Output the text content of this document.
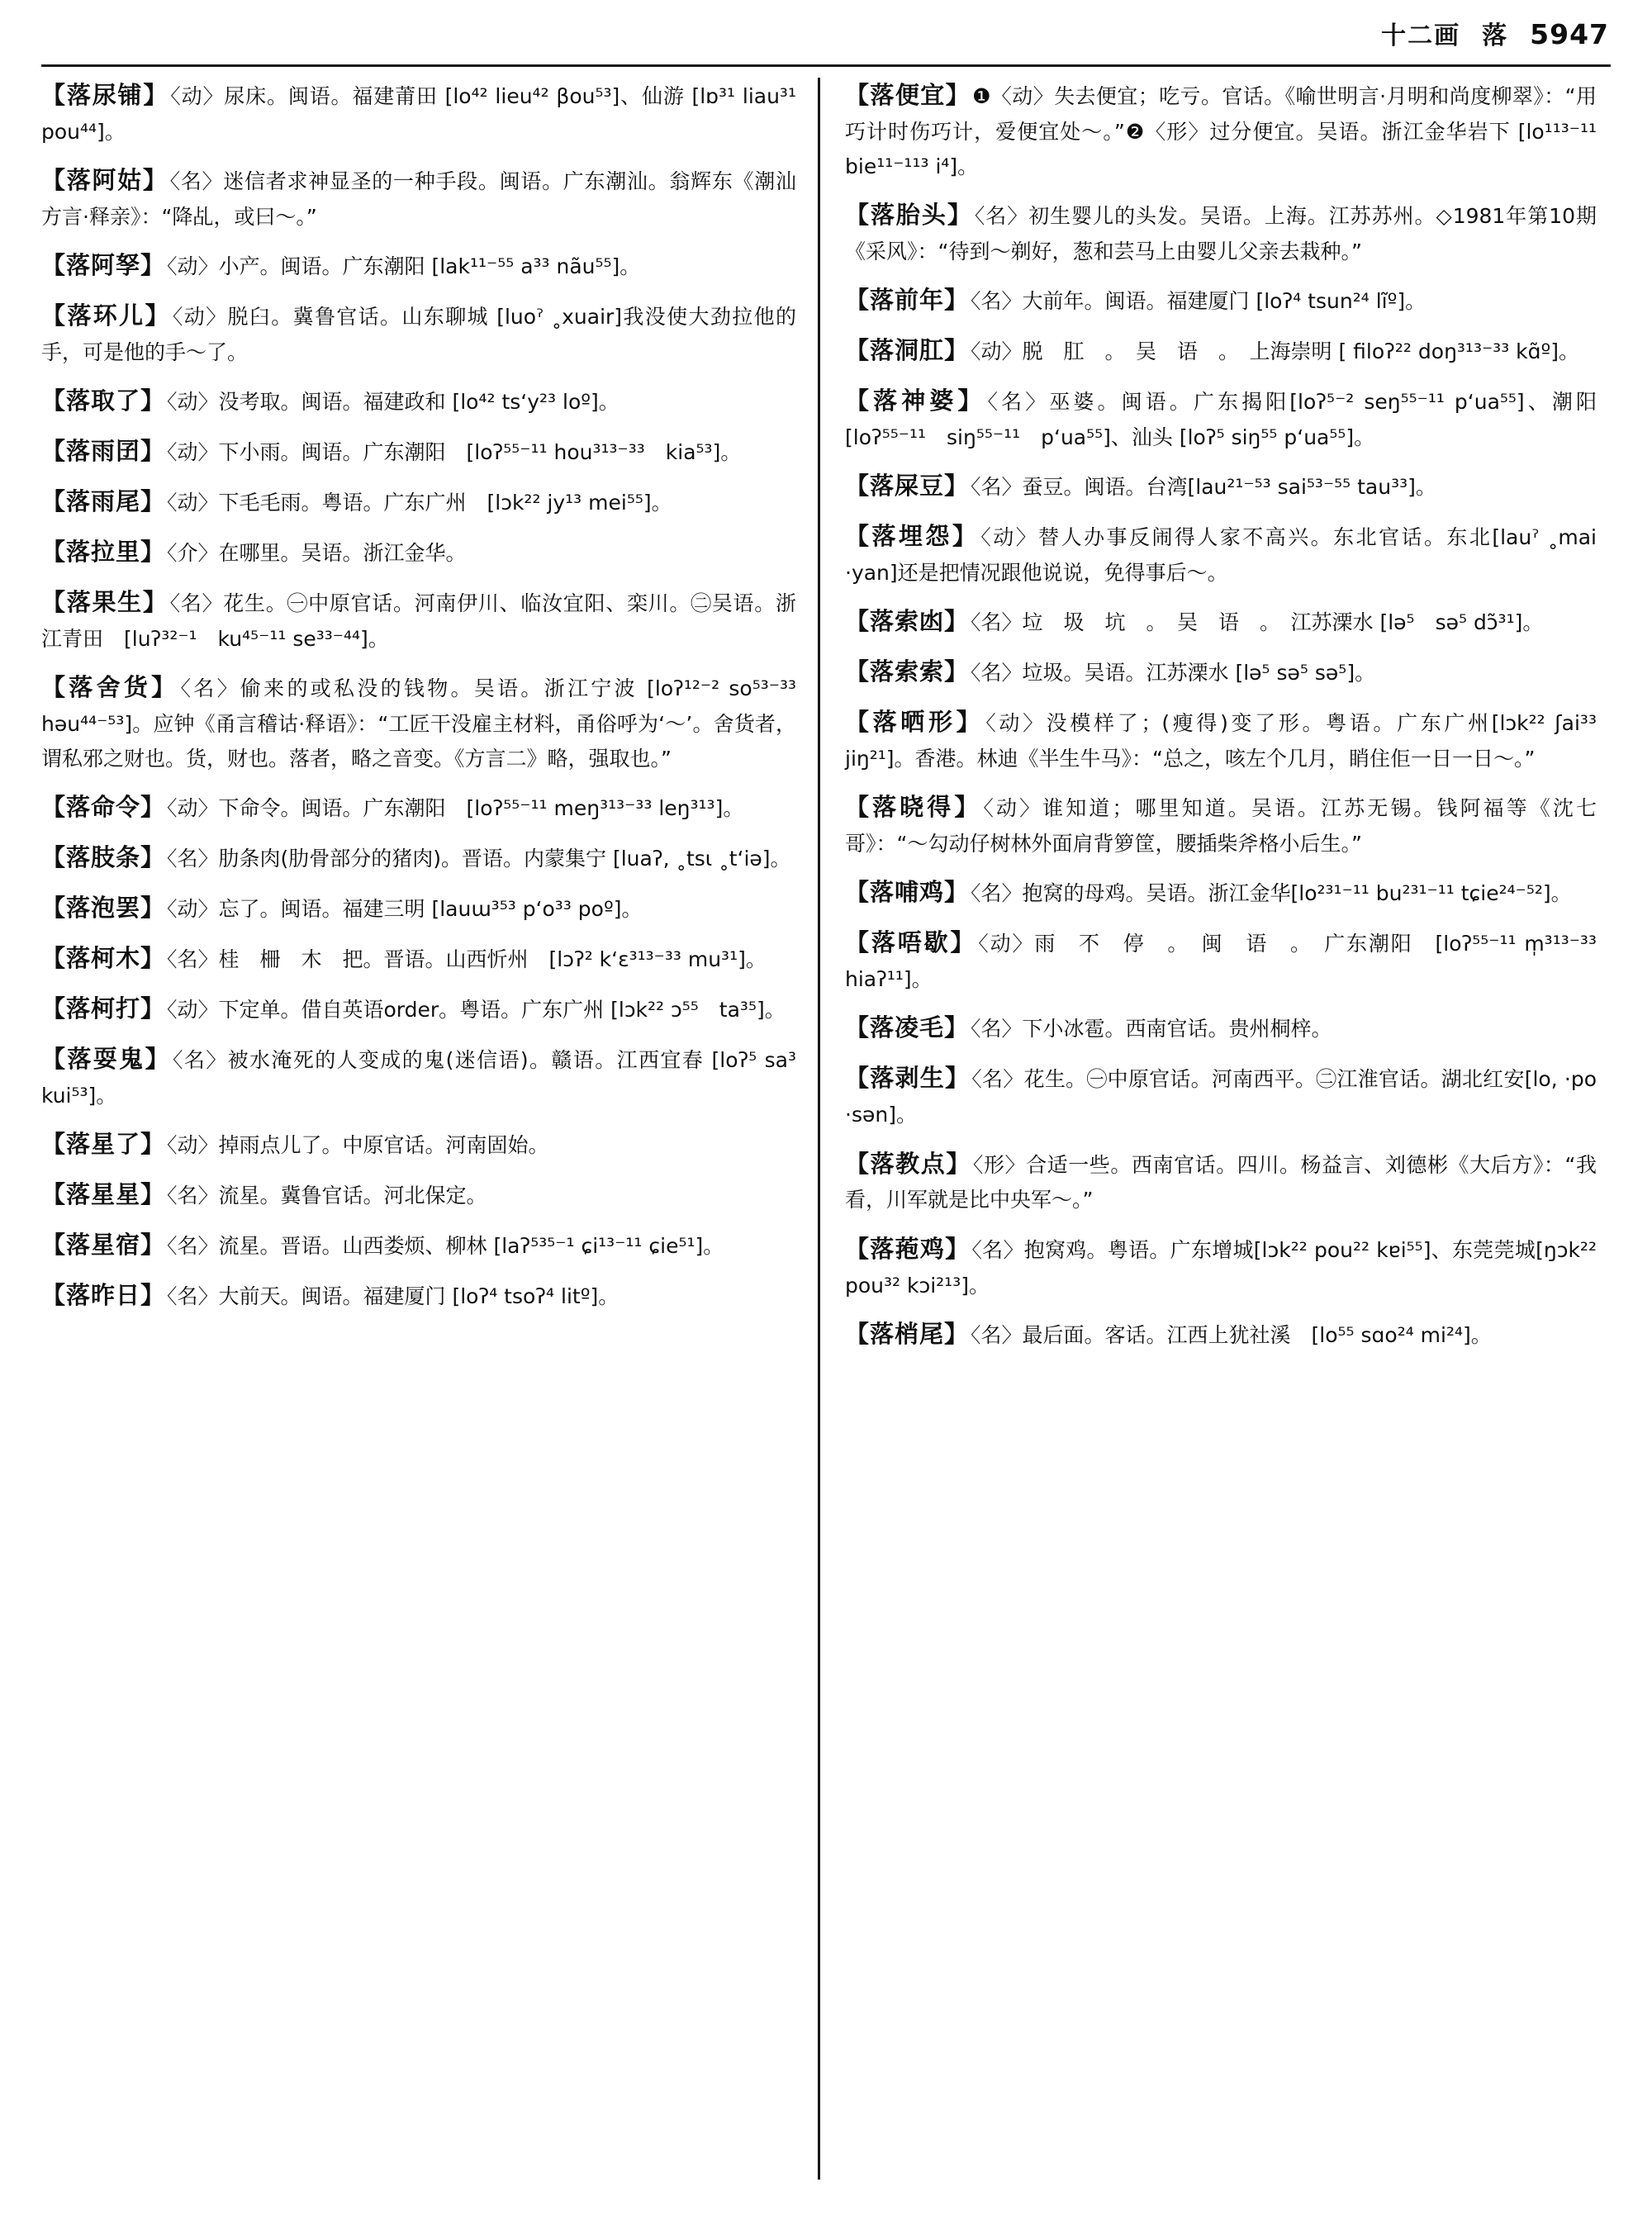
十二画 落 5947
【落尿铺】〈动〉尿床。闽语。福建莆田 [lo⁴² lieu⁴² βou⁵³]、仙游 [lɒ³¹ liau³¹ pou⁴⁴]。
【落阿姑】〈名〉迷信者求神显圣的一种手段。闽语。广东潮汕。翁辉东《潮汕方言·释亲》：“降乩，或曰～。”
【落阿孥】〈动〉小产。闽语。广东潮阳 [lak¹¹⁻⁵⁵ a³³ nãu⁵⁵]。
【落环儿】〈动〉脱臼。冀鲁官话。山东聊城 [luoˀ ˳xuair]我没使大劲拉他的手，可是他的手～了。
【落取了】〈动〉没考取。闽语。福建政和 [lo⁴² tsʻy²³ loº]。
【落雨囝】〈动〉下小雨。闽语。广东潮阳　[loʔ⁵⁵⁻¹¹ hou³¹³⁻³³　kia⁵³]。
【落雨尾】〈动〉下毛毛雨。粤语。广东广州　[lɔk²² jy¹³ mei⁵⁵]。
【落拉里】〈介〉在哪里。吴语。浙江金华。
【落果生】〈名〉花生。㊀中原官话。河南伊川、临汝宜阳、栾川。㊁吴语。浙江青田　[luʔ³²⁻¹　ku⁴⁵⁻¹¹ se³³⁻⁴⁴]。
【落舍货】〈名〉偷来的或私没的钱物。吴语。浙江宁波 [loʔ¹²⁻² so⁵³⁻³³ həu⁴⁴⁻⁵³]。应钟《甬言稽诂·释语》：“工匠干没雇主材料，甬俗呼为‘～’。舍货者，谓私邪之财也。货，财也。落者，略之音变。《方言二》略，强取也。”
【落命令】〈动〉下命令。闽语。广东潮阳　[loʔ⁵⁵⁻¹¹ meŋ³¹³⁻³³ leŋ³¹³]。
【落肢条】〈名〉肋条肉(肋骨部分的猪肉)。晋语。内蒙集宁 [luaʔ, ˳tsι ˳tʻiə]。
【落泡罢】〈动〉忘了。闽语。福建三明 [lauɯ³⁵³ pʻo³³ poº]。
【落柯木】〈名〉桂　柵　木　把。晋语。山西忻州　[lɔʔ² kʻɛ³¹³⁻³³ mu³¹]。
【落柯打】〈动〉下定单。借自英语order。粤语。广东广州 [lɔk²² ɔ⁵⁵　ta³⁵]。
【落耍鬼】〈名〉被水淹死的人变成的鬼(迷信语)。赣语。江西宜春 [loʔ⁵ sa³　kui⁵³]。
【落星了】〈动〉掉雨点儿了。中原官话。河南固始。
【落星星】〈名〉流星。冀鲁官话。河北保定。
【落星宿】〈名〉流星。晋语。山西娄烦、柳林 [laʔ⁵³⁵⁻¹ ɕi¹³⁻¹¹ ɕie⁵¹]。
【落昨日】〈名〉大前天。闽语。福建厦门 [loʔ⁴ tsoʔ⁴ litº]。
【落便宜】❶〈动〉失去便宜；吃亏。官话。《喻世明言·月明和尚度柳翠》：“用巧计时伤巧计，爱便宜处～。”❷〈形〉过分便宜。吴语。浙江金华岩下 [lo¹¹³⁻¹¹ bie¹¹⁻¹¹³ i⁴]。
【落胎头】〈名〉初生婴儿的头发。吴语。上海。江苏苏州。◇1981年第10期《采风》：“待到～剃好，葱和芸马上由婴儿父亲去栽种。”
【落前年】〈名〉大前年。闽语。福建厦门 [loʔ⁴ tsun²⁴ lĩº]。
【落洞肛】〈动〉脱　肛　。　吴　语　。　上海崇明 [ filoʔ²² doŋ³¹³⁻³³ kɑ̃º]。
【落神婆】〈名〉巫婆。闽语。广东揭阳[loʔ⁵⁻² seŋ⁵⁵⁻¹¹ pʻua⁵⁵]、潮阳　[loʔ⁵⁵⁻¹¹　siŋ⁵⁵⁻¹¹　pʻua⁵⁵]、汕头 [loʔ⁵ siŋ⁵⁵ pʻua⁵⁵]。
【落屎豆】〈名〉蚕豆。闽语。台湾[lau²¹⁻⁵³ sai⁵³⁻⁵⁵ tau³³]。
【落埋怨】〈动〉替人办事反闹得人家不高兴。东北官话。东北[lauˀ ˳mai ·yan]还是把情况跟他说说，免得事后～。
【落索凼】〈名〉垃　圾　坑　。　吴　语　。　江苏溧水 [lə⁵　sə⁵ dɔ̃³¹]。
【落索索】〈名〉垃圾。吴语。江苏溧水 [lə⁵ sə⁵ sə⁵]。
【落晒形】〈动〉没模样了；(瘦得)变了形。粤语。广东广州[lɔk²² ʃai³³　jiŋ²¹]。香港。林迪《半生牛马》：“总之，咳左个几月，睄住佢一日一日～。”
【落晓得】〈动〉谁知道；哪里知道。吴语。江苏无锡。钱阿福等《沈七哥》：“～勾动仔树林外面肩背箩筐，腰插柴斧格小后生。”
【落哺鸡】〈名〉抱窝的母鸡。吴语。浙江金华[lo²³¹⁻¹¹ bu²³¹⁻¹¹ tɕie²⁴⁻⁵²]。
【落唔歇】〈动〉雨　不　停　。　闽　语　。　广东潮阳　[loʔ⁵⁵⁻¹¹ m̩³¹³⁻³³ hiaʔ¹¹]。
【落凌毛】〈名〉下小冰雹。西南官话。贵州桐梓。
【落剥生】〈名〉花生。㊀中原官话。河南西平。㊁江淮官话。湖北红安[lo, ·po ·sən]。
【落教点】〈形〉合适一些。西南官话。四川。杨益言、刘德彬《大后方》：“我看，川军就是比中央军～。”
【落菢鸡】〈名〉抱窝鸡。粤语。广东增城[lɔk²² pou²² kɐi⁵⁵]、东莞莞城[ŋɔk²² pou³² kɔi²¹³]。
【落梢尾】〈名〉最后面。客话。江西上犹社溪　[lo⁵⁵ sɑo²⁴ mi²⁴]。
